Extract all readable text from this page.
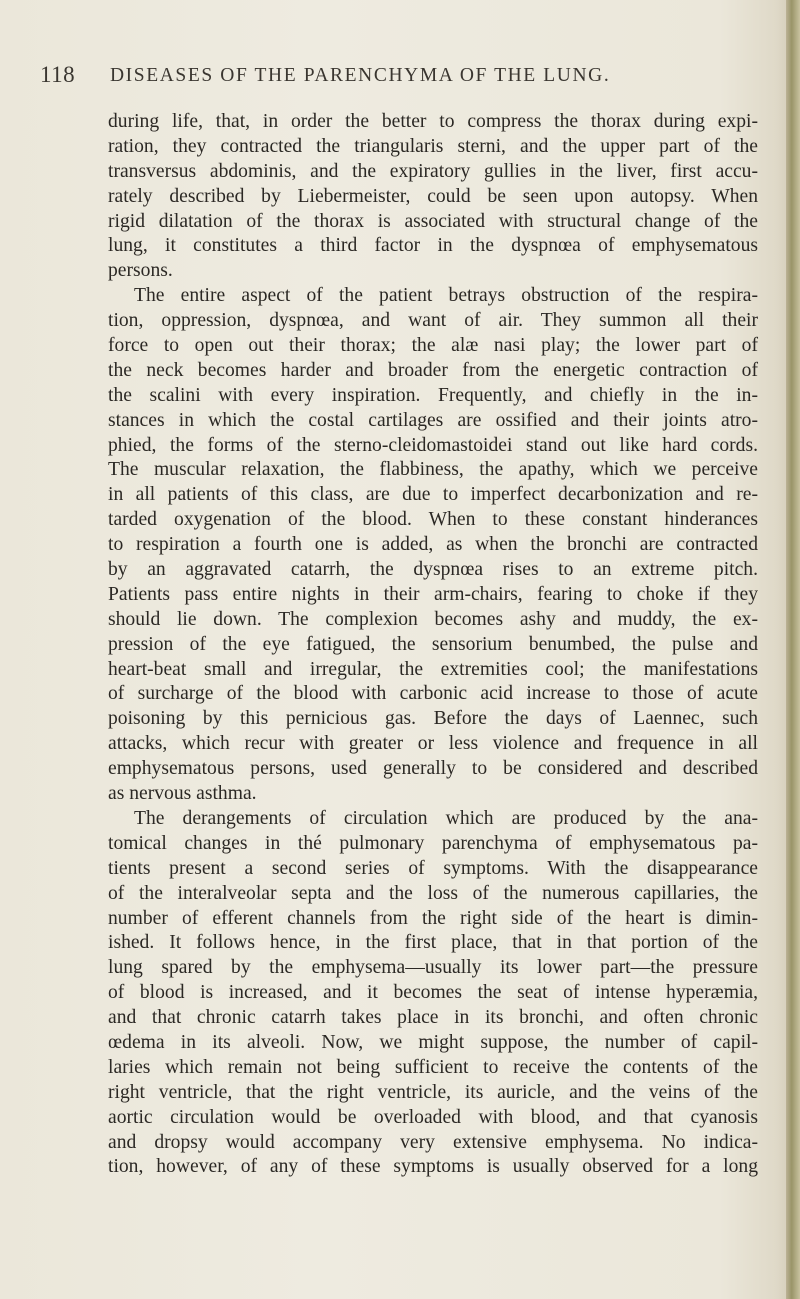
118 DISEASES OF THE PARENCHYMA OF THE LUNG.
during life, that, in order the better to compress the thorax during expi-
ration, they contracted the triangularis sterni, and the upper part of the
transversus abdominis, and the expiratory gullies in the liver, first accu-
rately described by Liebermeister, could be seen upon autopsy. When
rigid dilatation of the thorax is associated with structural change of the
lung, it constitutes a third factor in the dyspnœa of emphysematous
persons.
The entire aspect of the patient betrays obstruction of the respira-
tion, oppression, dyspnœa, and want of air. They summon all their
force to open out their thorax; the alæ nasi play; the lower part of
the neck becomes harder and broader from the energetic contraction of
the scalini with every inspiration. Frequently, and chiefly in the in-
stances in which the costal cartilages are ossified and their joints atro-
phied, the forms of the sterno-cleidomastoidei stand out like hard cords.
The muscular relaxation, the flabbiness, the apathy, which we perceive
in all patients of this class, are due to imperfect decarbonization and re-
tarded oxygenation of the blood. When to these constant hinderances
to respiration a fourth one is added, as when the bronchi are contracted
by an aggravated catarrh, the dyspnœa rises to an extreme pitch.
Patients pass entire nights in their arm-chairs, fearing to choke if they
should lie down. The complexion becomes ashy and muddy, the ex-
pression of the eye fatigued, the sensorium benumbed, the pulse and
heart-beat small and irregular, the extremities cool; the manifestations
of surcharge of the blood with carbonic acid increase to those of acute
poisoning by this pernicious gas. Before the days of Laennec, such
attacks, which recur with greater or less violence and frequence in all
emphysematous persons, used generally to be considered and described
as nervous asthma.
The derangements of circulation which are produced by the ana-
tomical changes in thé pulmonary parenchyma of emphysematous pa-
tients present a second series of symptoms. With the disappearance
of the interalveolar septa and the loss of the numerous capillaries, the
number of efferent channels from the right side of the heart is dimin-
ished. It follows hence, in the first place, that in that portion of the
lung spared by the emphysema—usually its lower part—the pressure
of blood is increased, and it becomes the seat of intense hyperæmia,
and that chronic catarrh takes place in its bronchi, and often chronic
œdema in its alveoli. Now, we might suppose, the number of capil-
laries which remain not being sufficient to receive the contents of the
right ventricle, that the right ventricle, its auricle, and the veins of the
aortic circulation would be overloaded with blood, and that cyanosis
and dropsy would accompany very extensive emphysema. No indica-
tion, however, of any of these symptoms is usually observed for a long
